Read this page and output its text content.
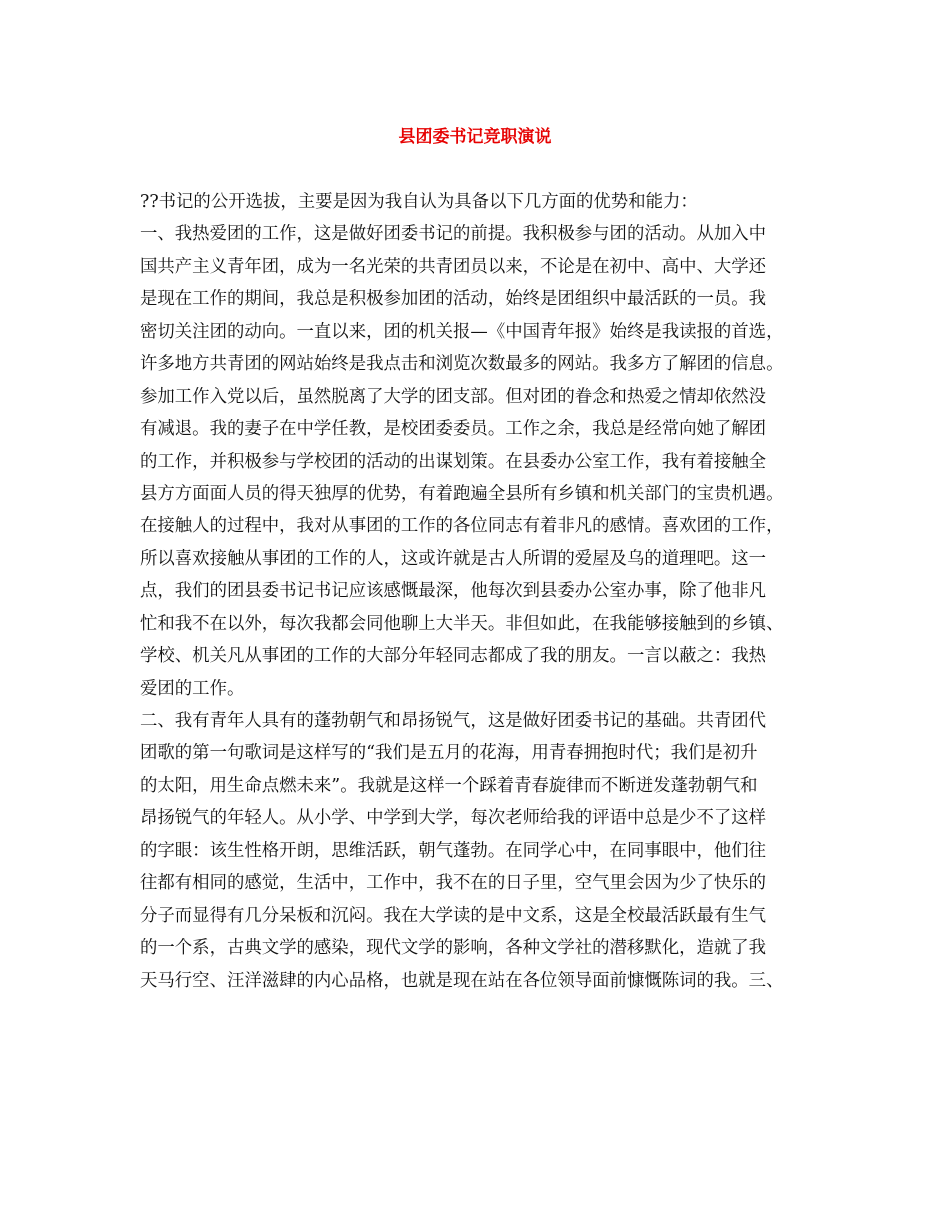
县团委书记竞职演说
??书记的公开选拔，主要是因为我自认为具备以下几方面的优势和能力：
一、我热爱团的工作，这是做好团委书记的前提。我积极参与团的活动。从加入中
国共产主义青年团，成为一名光荣的共青团员以来，不论是在初中、高中、大学还
是现在工作的期间，我总是积极参加团的活动，始终是团组织中最活跃的一员。我
密切关注团的动向。一直以来，团的机关报—《中国青年报》始终是我读报的首选，
许多地方共青团的网站始终是我点击和浏览次数最多的网站。我多方了解团的信息。
参加工作入党以后，虽然脱离了大学的团支部。但对团的眷念和热爱之情却依然没
有减退。我的妻子在中学任教，是校团委委员。工作之余，我总是经常向她了解团
的工作，并积极参与学校团的活动的出谋划策。在县委办公室工作，我有着接触全
县方方面面人员的得天独厚的优势，有着跑遍全县所有乡镇和机关部门的宝贵机遇。
在接触人的过程中，我对从事团的工作的各位同志有着非凡的感情。喜欢团的工作，
所以喜欢接触从事团的工作的人，这或许就是古人所谓的爱屋及乌的道理吧。这一
点，我们的团县委书记书记应该感慨最深，他每次到县委办公室办事，除了他非凡
忙和我不在以外，每次我都会同他聊上大半天。非但如此，在我能够接触到的乡镇、
学校、机关凡从事团的工作的大部分年轻同志都成了我的朋友。一言以蔽之：我热
爱团的工作。
二、我有青年人具有的蓬勃朝气和昂扬锐气，这是做好团委书记的基础。共青团代
团歌的第一句歌词是这样写的“我们是五月的花海，用青春拥抱时代；我们是初升
的太阳，用生命点燃未来”。我就是这样一个踩着青春旋律而不断迸发蓬勃朝气和
昂扬锐气的年轻人。从小学、中学到大学，每次老师给我的评语中总是少不了这样
的字眼：该生性格开朗，思维活跃，朝气蓬勃。在同学心中，在同事眼中，他们往
往都有相同的感觉，生活中，工作中，我不在的日子里，空气里会因为少了快乐的
分子而显得有几分呆板和沉闷。我在大学读的是中文系，这是全校最活跃最有生气
的一个系，古典文学的感染，现代文学的影响，各种文学社的潜移默化，造就了我
天马行空、汪洋滋肆的内心品格，也就是现在站在各位领导面前慷慨陈词的我。三、
